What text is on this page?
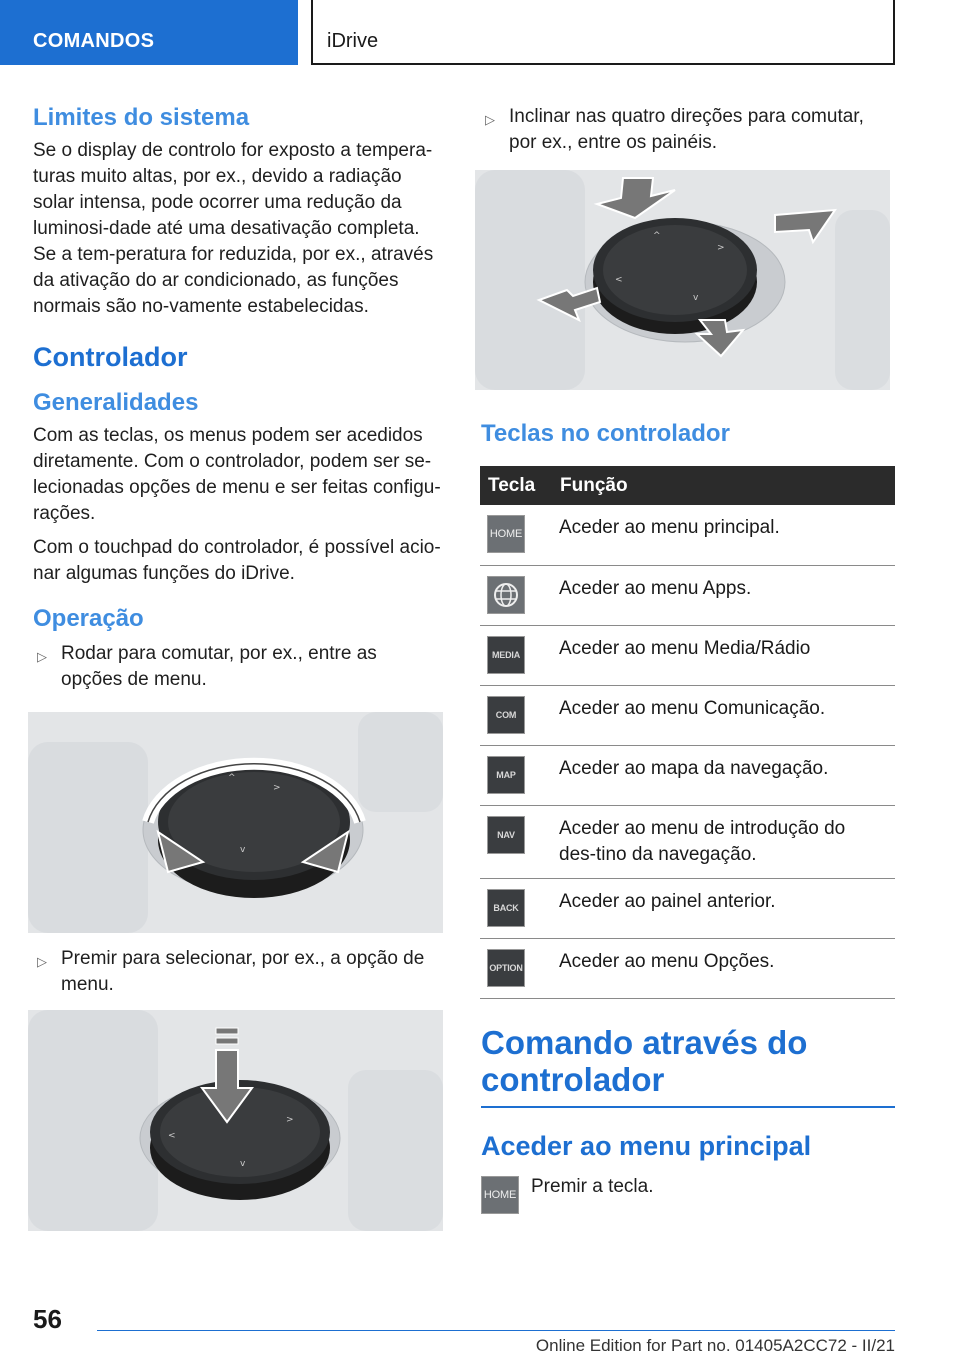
COMANDOS	iDrive
Limites do sistema
Se o display de controlo for exposto a tempera-turas muito altas, por ex., devido a radiação solar intensa, pode ocorrer uma redução da luminosi-dade até uma desativação completa. Se a tem-peratura for reduzida, por ex., através da ativação do ar condicionado, as funções normais são no-vamente estabelecidas.
Controlador
Generalidades
Com as teclas, os menus podem ser acedidos diretamente. Com o controlador, podem ser se-lecionadas opções de menu e ser feitas configu-rações.
Com o touchpad do controlador, é possível acio-nar algumas funções do iDrive.
Operação
▷ Rodar para comutar, por ex., entre as opções de menu.
^
>
v
▷ Premir para selecionar, por ex., a opção de menu.
<
>
v
▷ Inclinar nas quatro direções para comutar, por ex., entre os painéis.
^
>
<
v
Teclas no controlador
Tecla	Função

HOME	Aceder ao menu principal.

	Aceder ao menu Apps.

MEDIA	Aceder ao menu Media/Rádio

COM	Aceder ao menu Comunicação.

MAP	Aceder ao mapa da navegação.

NAV	Aceder ao menu de introdução do des-tino da navegação.

BACK	Aceder ao painel anterior.

OPTION	Aceder ao menu Opções.
Comando através do controlador
Aceder ao menu principal
HOME Premir a tecla.
56
Online Edition for Part no. 01405A2CC72 - II/21
